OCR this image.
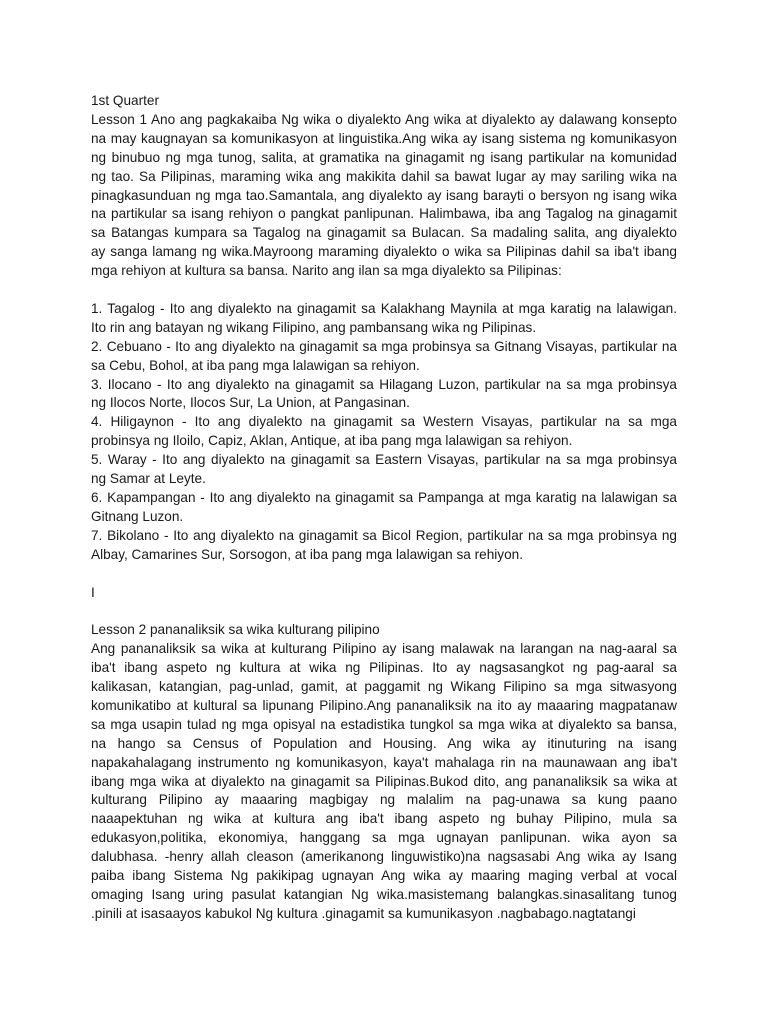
1st Quarter
Lesson 1 Ano ang pagkakaiba Ng wika o diyalekto Ang wika at diyalekto ay dalawang konsepto
na may kaugnayan sa komunikasyon at linguistika.Ang wika ay isang sistema ng komunikasyon
ng binubuo ng mga tunog, salita, at gramatika na ginagamit ng isang partikular na komunidad
ng tao. Sa Pilipinas, maraming wika ang makikita dahil sa bawat lugar ay may sariling wika na
pinagkasunduan ng mga tao.Samantala, ang diyalekto ay isang barayti o bersyon ng isang wika
na partikular sa isang rehiyon o pangkat panlipunan. Halimbawa, iba ang Tagalog na ginagamit
sa Batangas kumpara sa Tagalog na ginagamit sa Bulacan. Sa madaling salita, ang diyalekto
ay sanga lamang ng wika.Mayroong maraming diyalekto o wika sa Pilipinas dahil sa iba't ibang
mga rehiyon at kultura sa bansa. Narito ang ilan sa mga diyalekto sa Pilipinas:
1. Tagalog - Ito ang diyalekto na ginagamit sa Kalakhang Maynila at mga karatig na lalawigan.
Ito rin ang batayan ng wikang Filipino, ang pambansang wika ng Pilipinas.
2. Cebuano - Ito ang diyalekto na ginagamit sa mga probinsya sa Gitnang Visayas, partikular na
sa Cebu, Bohol, at iba pang mga lalawigan sa rehiyon.
3. Ilocano - Ito ang diyalekto na ginagamit sa Hilagang Luzon, partikular na sa mga probinsya
ng Ilocos Norte, Ilocos Sur, La Union, at Pangasinan.
4. Hiligaynon - Ito ang diyalekto na ginagamit sa Western Visayas, partikular na sa mga
probinsya ng Iloilo, Capiz, Aklan, Antique, at iba pang mga lalawigan sa rehiyon.
5. Waray - Ito ang diyalekto na ginagamit sa Eastern Visayas, partikular na sa mga probinsya
ng Samar at Leyte.
6. Kapampangan - Ito ang diyalekto na ginagamit sa Pampanga at mga karatig na lalawigan sa
Gitnang Luzon.
7. Bikolano - Ito ang diyalekto na ginagamit sa Bicol Region, partikular na sa mga probinsya ng
Albay, Camarines Sur, Sorsogon, at iba pang mga lalawigan sa rehiyon.
I
Lesson 2 pananaliksik sa wika kulturang pilipino
Ang pananaliksik sa wika at kulturang Pilipino ay isang malawak na larangan na nag-aaral sa
iba't ibang aspeto ng kultura at wika ng Pilipinas. Ito ay nagsasangkot ng pag-aaral sa
kalikasan, katangian, pag-unlad, gamit, at paggamit ng Wikang Filipino sa mga sitwasyong
komunikatibo at kultural sa lipunang Pilipino.Ang pananaliksik na ito ay maaaring magpatanaw
sa mga usapin tulad ng mga opisyal na estadistika tungkol sa mga wika at diyalekto sa bansa,
na hango sa Census of Population and Housing. Ang wika ay itinuturing na isang
napakahalagang instrumento ng komunikasyon, kaya't mahalaga rin na maunawaan ang iba't
ibang mga wika at diyalekto na ginagamit sa Pilipinas.Bukod dito, ang pananaliksik sa wika at
kulturang Pilipino ay maaaring magbigay ng malalim na pag-unawa sa kung paano
naaapektuhan ng wika at kultura ang iba't ibang aspeto ng buhay Pilipino, mula sa
edukasyon,politika, ekonomiya, hanggang sa mga ugnayan panlipunan. wika ayon sa
dalubhasa. -henry allah cleason (amerikanong linguwistiko)na nagsasabi Ang wika ay Isang
paiba ibang Sistema Ng pakikipag ugnayan Ang wika ay maaring maging verbal at vocal
omaging Isang uring pasulat katangian Ng wika.masistemang balangkas.sinasalitang tunog
.pinili at isasaayos kabukol Ng kultura .ginagamit sa kumunikasyon .nagbabago.nagtatangi
